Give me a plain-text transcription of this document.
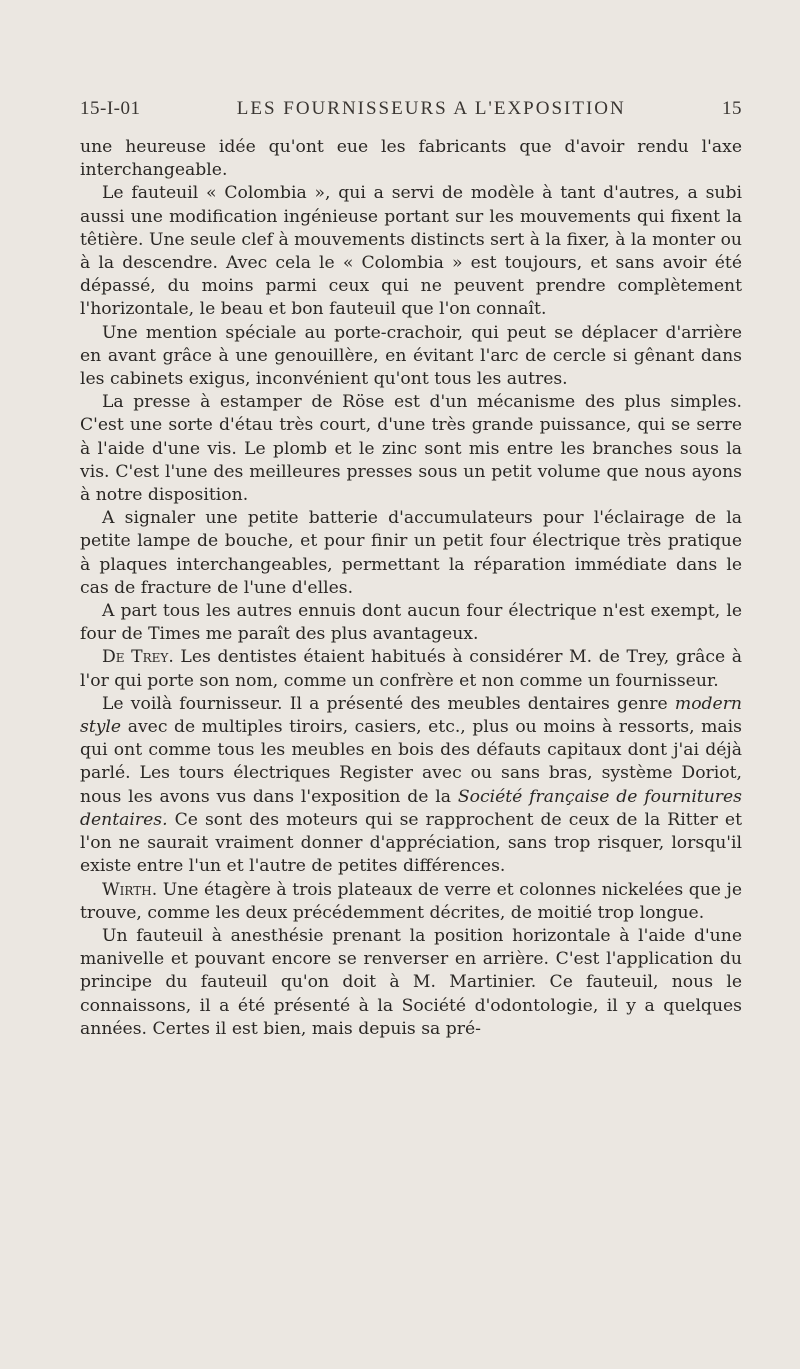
15-I-01	LES FOURNISSEURS A L'EXPOSITION	15

une heureuse idée qu'ont eue les fabricants que d'avoir rendu l'axe interchangeable.

Le fauteuil « Colombia », qui a servi de modèle à tant d'autres, a subi aussi une modification ingénieuse portant sur les mouvements qui fixent la têtière. Une seule clef à mouvements distincts sert à la fixer, à la monter ou à la descendre. Avec cela le « Colombia » est toujours, et sans avoir été dépassé, du moins parmi ceux qui ne peuvent prendre complètement l'horizontale, le beau et bon fauteuil que l'on connaît.

Une mention spéciale au porte-crachoir, qui peut se déplacer d'arrière en avant grâce à une genouillère, en évitant l'arc de cercle si gênant dans les cabinets exigus, inconvénient qu'ont tous les autres.

La presse à estamper de Röse est d'un mécanisme des plus simples. C'est une sorte d'étau très court, d'une très grande puissance, qui se serre à l'aide d'une vis. Le plomb et le zinc sont mis entre les branches sous la vis. C'est l'une des meilleures presses sous un petit volume que nous ayons à notre disposition.

A signaler une petite batterie d'accumulateurs pour l'éclairage de la petite lampe de bouche, et pour finir un petit four électrique très pratique à plaques interchangeables, permettant la réparation immédiate dans le cas de fracture de l'une d'elles.

A part tous les autres ennuis dont aucun four électrique n'est exempt, le four de Times me paraît des plus avantageux.

De Trey. Les dentistes étaient habitués à considérer M. de Trey, grâce à l'or qui porte son nom, comme un confrère et non comme un fournisseur.

Le voilà fournisseur. Il a présenté des meubles dentaires genre modern style avec de multiples tiroirs, casiers, etc., plus ou moins à ressorts, mais qui ont comme tous les meubles en bois des défauts capitaux dont j'ai déjà parlé. Les tours électriques Register avec ou sans bras, système Doriot, nous les avons vus dans l'exposition de la Société française de fournitures dentaires. Ce sont des moteurs qui se rapprochent de ceux de la Ritter et l'on ne saurait vraiment donner d'appréciation, sans trop risquer, lorsqu'il existe entre l'un et l'autre de petites différences.

Wirth. Une étagère à trois plateaux de verre et colonnes nickelées que je trouve, comme les deux précédemment décrites, de moitié trop longue.

Un fauteuil à anesthésie prenant la position horizontale à l'aide d'une manivelle et pouvant encore se renverser en arrière. C'est l'application du principe du fauteuil qu'on doit à M. Martinier. Ce fauteuil, nous le connaissons, il a été présenté à la Société d'odontologie, il y a quelques années. Certes il est bien, mais depuis sa pré-
